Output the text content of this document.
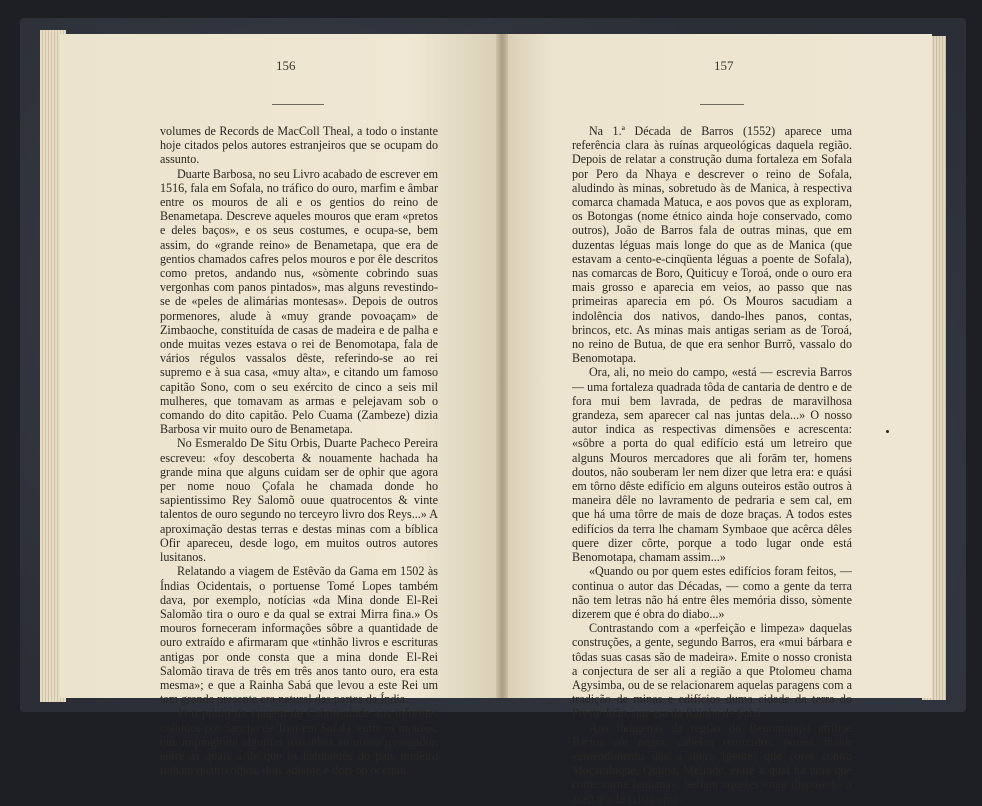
156	157

volumes de Records de MacColl Theal, a todo o instante hoje citados pelos autores estranjeiros que se ocupam do assunto.

Duarte Barbosa, no seu Livro acabado de escrever em 1516, fala em Sofala, no tráfico do ouro, marfim e âmbar entre os mouros de ali e os gentios do reino de Benametapa. Descreve aqueles mouros que eram «pretos e deles baços», e os seus costumes, e ocupa-se, bem assim, do «grande reino» de Benametapa, que era de gentios chamados cafres pelos mouros e por êle descritos como pretos, andando nus, «sòmente cobrindo suas vergonhas com panos pintados», mas alguns revestindo-se de «peles de alimárias montesas». Depois de outros pormenores, alude à «muy grande povoaçam» de Zimbaoche, constituída de casas de madeira e de palha e onde muitas vezes estava o rei de Benomotapa, fala de vários régulos vassalos dêste, referindo-se ao rei supremo e à sua casa, «muy alta», e citando um famoso capitão Sono, com o seu exército de cinco a seis mil mulheres, que tomavam as armas e pelejavam sob o comando do dito capitão. Pelo Cuama (Zambeze) dizia Barbosa vir muito ouro de Benametapa.

No Esmeraldo De Situ Orbis, Duarte Pacheco Pereira escreveu: «foy descoberta & nouamente hachada ha grande mina que alguns cuidam ser de ophir que agora per nome nouo Çofala he chamada donde ho sapientissimo Rey Salomõ ouue quatrocentos & vinte talentos de ouro segundo no terceyro livro dos Reys...» A aproximação destas terras e destas minas com a bíblica Ofir apareceu, desde logo, em muitos outros autores lusitanos.

Relatando a viagem de Estêvão da Gama em 1502 às Índias Ocidentais, o portuense Tomé Lopes também dava, por exemplo, notícias «da Mina donde El-Rei Salomão tira o ouro e da qual se extrai Mirra fina.» Os mouros forneceram informações sôbre a quantidade de ouro extraído e afirmaram que «tinhão livros e escrituras antigas por onde consta que a mina donde El-Rei Salomão tirava de três em três anos tanto ouro, era esta mesma»; e que a Rainha Sabá que levou a este Rei um tam grande presente era natural das partes da Índia.

Já o piloto da viagem de Cabral alude aos informes colhidos por Sancho de Toar em Sofala, entre os mouros, que impingiram algumas patranhas ao nosso navegador, entre as quais a de que os habitantes do país mineiro tinham quatro olhos, dois adiante e dois no occiput...

Na 1.ª Década de Barros (1552) aparece uma referência clara às ruínas arqueológicas daquela região. Depois de relatar a construção duma fortaleza em Sofala por Pero da Nhaya e descrever o reino de Sofala, aludindo às minas, sobretudo às de Manica, à respectiva comarca chamada Matuca, e aos povos que as exploram, os Botongas (nome étnico ainda hoje conservado, como outros), João de Barros fala de outras minas, que em duzentas léguas mais longe do que as de Manica (que estavam a cento-e-cinqüenta léguas a poente de Sofala), nas comarcas de Boro, Quiticuy e Toroá, onde o ouro era mais grosso e aparecia em veios, ao passo que nas primeiras aparecia em pó. Os Mouros sacudiam a indolência dos nativos, dando-lhes panos, contas, brincos, etc. As minas mais antigas seriam as de Toroá, no reino de Butua, de que era senhor Burrõ, vassalo do Benomotapa.

Ora, ali, no meio do campo, «está — escrevia Barros — uma fortaleza quadrada tôda de cantaria de dentro e de fora mui bem lavrada, de pedras de maravilhosa grandeza, sem aparecer cal nas juntas dela...» O nosso autor indica as respectivas dimensões e acrescenta: «sôbre a porta do qual edifício está um letreiro que alguns Mouros mercadores que ali forām ter, homens doutos, não souberam ler nem dizer que letra era: e quási em tôrno dêste edifício em alguns outeiros estão outros à maneira dêle no lavramento de pedraria e sem cal, em que há uma tôrre de mais de doze braças. A todos estes edifícios da terra lhe chamam Symbaoe que acêrca dêles quere dizer côrte, porque a todo lugar onde está Benomotapa, chamam assim...»

«Quando ou por quem estes edifícios foram feitos, — continua o autor das Décadas, — como a gente da terra não tem letras não há entre êles memória disso, sòmente dizerem que é obra do diabo...»

Contrastando com a «perfeição e limpeza» daquelas construções, a gente, segundo Barros, era «mui bárbara e tôdas suas casas são de madeira». Emite o nosso cronista a conjectura de ser ali a região a que Ptolomeu chama Agysimba, ou de se relacionarem aquelas paragens com a tradição de minas e edifícios duma cidade da terra do Preste João, que era da Rainha de Sabá.

Aos indígenas da região do Benomotapa atribue Barros côr negra, cabelos retorcidos, porém maior «entendimento que a outra [gente] que corre contra Moçambique, Quiloa, Melinde, entre a qual há uma que come carne humana». Seriam aqueles «mui dispostos» a aceitar a fé cristã «por-
